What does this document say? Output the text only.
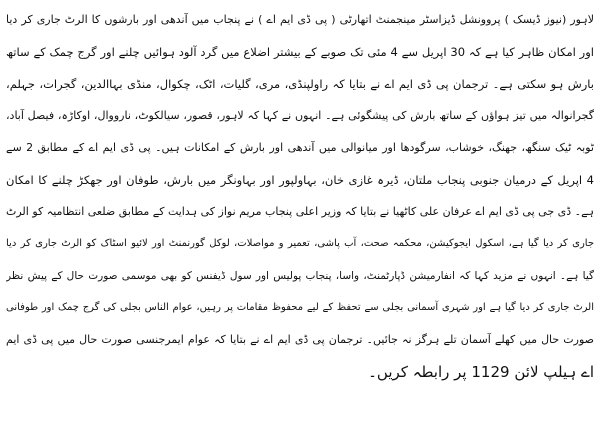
لاہور (نیوز ڈیسک ) پروونشل ڈیزاسٹر مینجمنٹ اتھارٹی ( پی ڈی ایم اے ) نے پنجاب میں آندھی اور بارشوں کا الرٹ جاری کر دیا
اور امکان ظاہر کیا ہے کہ 30 اپریل سے 4 مئی تک صوبے کے بیشتر اضلاع میں گرد آلود ہوائیں چلنے اور گرج چمک کے ساتھ
بارش ہو سکتی ہے۔ ترجمان پی ڈی ایم اے نے بتایا کہ راولپنڈی، مری، گلیات، اٹک، چکوال، منڈی بہاالدین، گجرات، جہلم،
گجرانوالہ میں تیز ہواؤں کے ساتھ بارش کی پیشگوئی ہے۔ انہوں نے کہا کہ لاہور، قصور، سیالکوٹ، نارووال، اوکاڑہ، فیصل آباد،
ٹوبہ ٹیک سنگھ، جھنگ، خوشاب، سرگودھا اور میانوالی میں آندھی اور بارش کے امکانات ہیں۔ پی ڈی ایم اے کے مطابق 2 سے
4 اپریل کے درمیان جنوبی پنجاب ملتان، ڈیرہ غازی خان، بہاولپور اور بہاونگر میں بارش، طوفان اور جھکڑ چلنے کا امکان
ہے۔ ڈی جی پی ڈی ایم اے عرفان علی کاٹھیا نے بتایا کہ وزیر اعلی پنجاب مریم نواز کی ہدایت کے مطابق ضلعی انتظامیہ کو الرٹ
جاری کر دیا گیا ہے، اسکول ایجوکیشن، محکمہ صحت، آب پاشی، تعمیر و مواصلات، لوکل گورنمنٹ اور لائیو اسٹاک کو الرٹ جاری کر دیا
گیا ہے۔ انہوں نے مزید کہا کہ انفارمیشن ڈپارٹمنٹ، واسا، پنجاب پولیس اور سول ڈیفنس کو بھی موسمی صورت حال کے پیش نظر
الرٹ جاری کر دیا گیا ہے اور شہری آسمانی بجلی سے تحفظ کے لیے محفوظ مقامات پر رہیں، عوام الناس بجلی کی گرج چمک اور طوفانی
صورت حال میں کھلے آسمان تلے ہرگز نہ جائیں۔ ترجمان پی ڈی ایم اے نے بتایا کہ عوام ایمرجنسی صورت حال میں پی ڈی ایم
اے ہیلپ لائن 1129 پر رابطہ کریں۔
